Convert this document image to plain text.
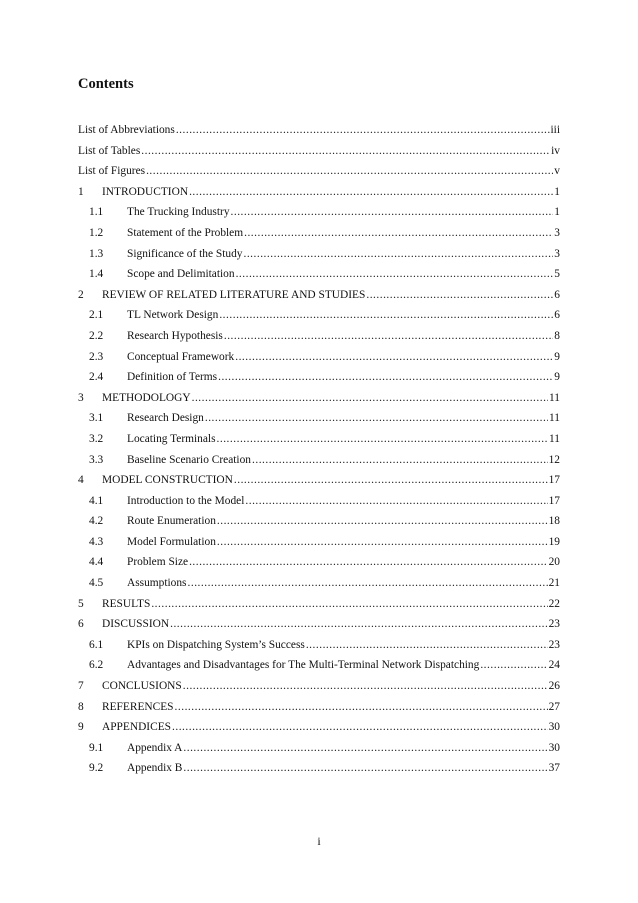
Contents
List of Abbreviations .....	iii
List of Tables .....	iv
List of Figures .....	v
1	INTRODUCTION .....	1
1.1	The Trucking Industry .....	1
1.2	Statement of the Problem .....	3
1.3	Significance of the Study .....	3
1.4	Scope and Delimitation .....	5
2	REVIEW OF RELATED LITERATURE AND STUDIES .....	6
2.1	TL Network Design .....	6
2.2	Research Hypothesis .....	8
2.3	Conceptual Framework .....	9
2.4	Definition of Terms .....	9
3	METHODOLOGY .....	11
3.1	Research Design .....	11
3.2	Locating Terminals .....	11
3.3	Baseline Scenario Creation .....	12
4	MODEL CONSTRUCTION .....	17
4.1	Introduction to the Model .....	17
4.2	Route Enumeration .....	18
4.3	Model Formulation .....	19
4.4	Problem Size .....	20
4.5	Assumptions .....	21
5	RESULTS .....	22
6	DISCUSSION .....	23
6.1	KPIs on Dispatching System’s Success .....	23
6.2	Advantages and Disadvantages for The Multi-Terminal Network Dispatching .....	24
7	CONCLUSIONS .....	26
8	REFERENCES .....	27
9	APPENDICES .....	30
9.1	Appendix A .....	30
9.2	Appendix B .....	37
i
